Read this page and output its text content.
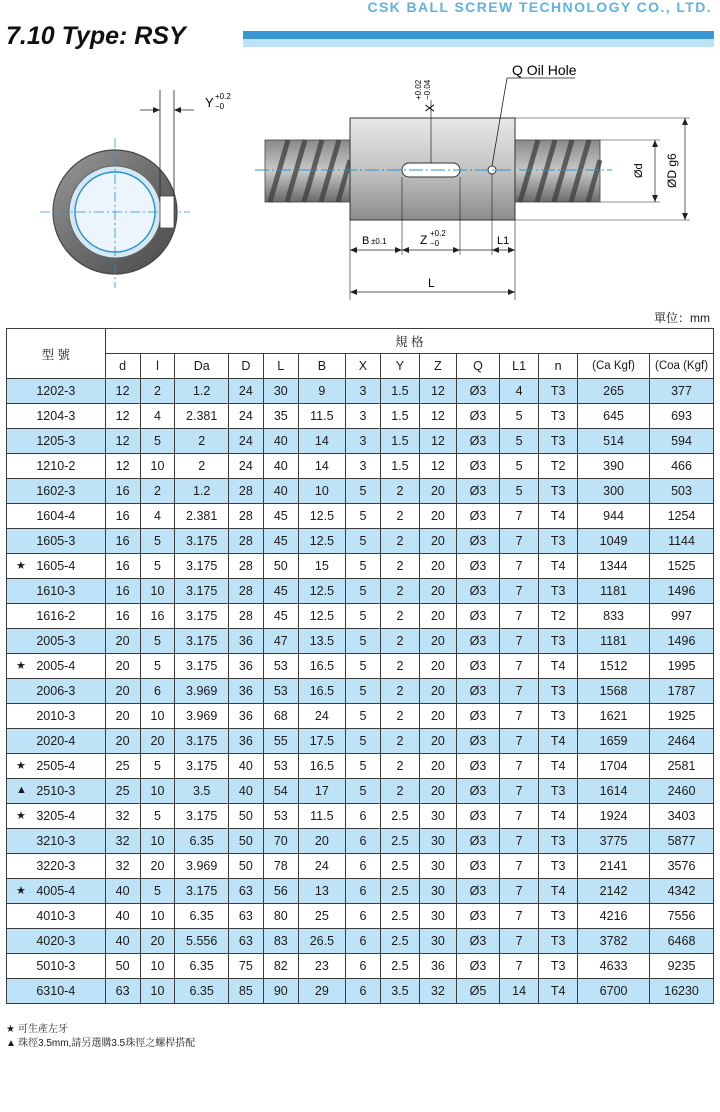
CSK BALL SCREW TECHNOLOGY CO., LTD.
7.10 Type: RSY
Y +0.2
−0	X
+0.02 −0.04
Q Oil Hole
Ød ØD g6
B ±0.1	Z +0.2
−0	L1
L
單位：mm
型 號	規 格													
	d	l	Da	D	L	B	X	Y	Z	Q	L1	n	(Ca Kgf)	(Coa (Kgf)

1202-3	12	2	1.2	24	30	9	3	1.5	12	Ø3	4	T3	265	377

1204-3	12	4	2.381	24	35	11.5	3	1.5	12	Ø3	5	T3	645	693

1205-3	12	5	2	24	40	14	3	1.5	12	Ø3	5	T3	514	594

1210-2	12	10	2	24	40	14	3	1.5	12	Ø3	5	T2	390	466

1602-3	16	2	1.2	28	40	10	5	2	20	Ø3	5	T3	300	503

1604-4	16	4	2.381	28	45	12.5	5	2	20	Ø3	7	T4	944	1254

1605-3	16	5	3.175	28	45	12.5	5	2	20	Ø3	7	T3	1049	1144

★ 1605-4	16	5	3.175	28	50	15	5	2	20	Ø3	7	T4	1344	1525

1610-3	16	10	3.175	28	45	12.5	5	2	20	Ø3	7	T3	1181	1496

1616-2	16	16	3.175	28	45	12.5	5	2	20	Ø3	7	T2	833	997

2005-3	20	5	3.175	36	47	13.5	5	2	20	Ø3	7	T3	1181	1496

★ 2005-4	20	5	3.175	36	53	16.5	5	2	20	Ø3	7	T4	1512	1995

2006-3	20	6	3.969	36	53	16.5	5	2	20	Ø3	7	T3	1568	1787

2010-3	20	10	3.969	36	68	24	5	2	20	Ø3	7	T3	1621	1925

2020-4	20	20	3.175	36	55	17.5	5	2	20	Ø3	7	T4	1659	2464

★ 2505-4	25	5	3.175	40	53	16.5	5	2	20	Ø3	7	T4	1704	2581

▲ 2510-3	25	10	3.5	40	54	17	5	2	20	Ø3	7	T3	1614	2460

★ 3205-4	32	5	3.175	50	53	11.5	6	2.5	30	Ø3	7	T4	1924	3403

3210-3	32	10	6.35	50	70	20	6	2.5	30	Ø3	7	T3	3775	5877

3220-3	32	20	3.969	50	78	24	6	2.5	30	Ø3	7	T3	2141	3576

★ 4005-4	40	5	3.175	63	56	13	6	2.5	30	Ø3	7	T4	2142	4342

4010-3	40	10	6.35	63	80	25	6	2.5	30	Ø3	7	T3	4216	7556

4020-3	40	20	5.556	63	83	26.5	6	2.5	30	Ø3	7	T3	3782	6468

5010-3	50	10	6.35	75	82	23	6	2.5	36	Ø3	7	T3	4633	9235

6310-4	63	10	6.35	85	90	29	6	3.5	32	Ø5	14	T4	6700	16230
★ 可生產左牙
▲ 珠徑3.5mm,請另選購3.5珠徑之螺桿搭配
